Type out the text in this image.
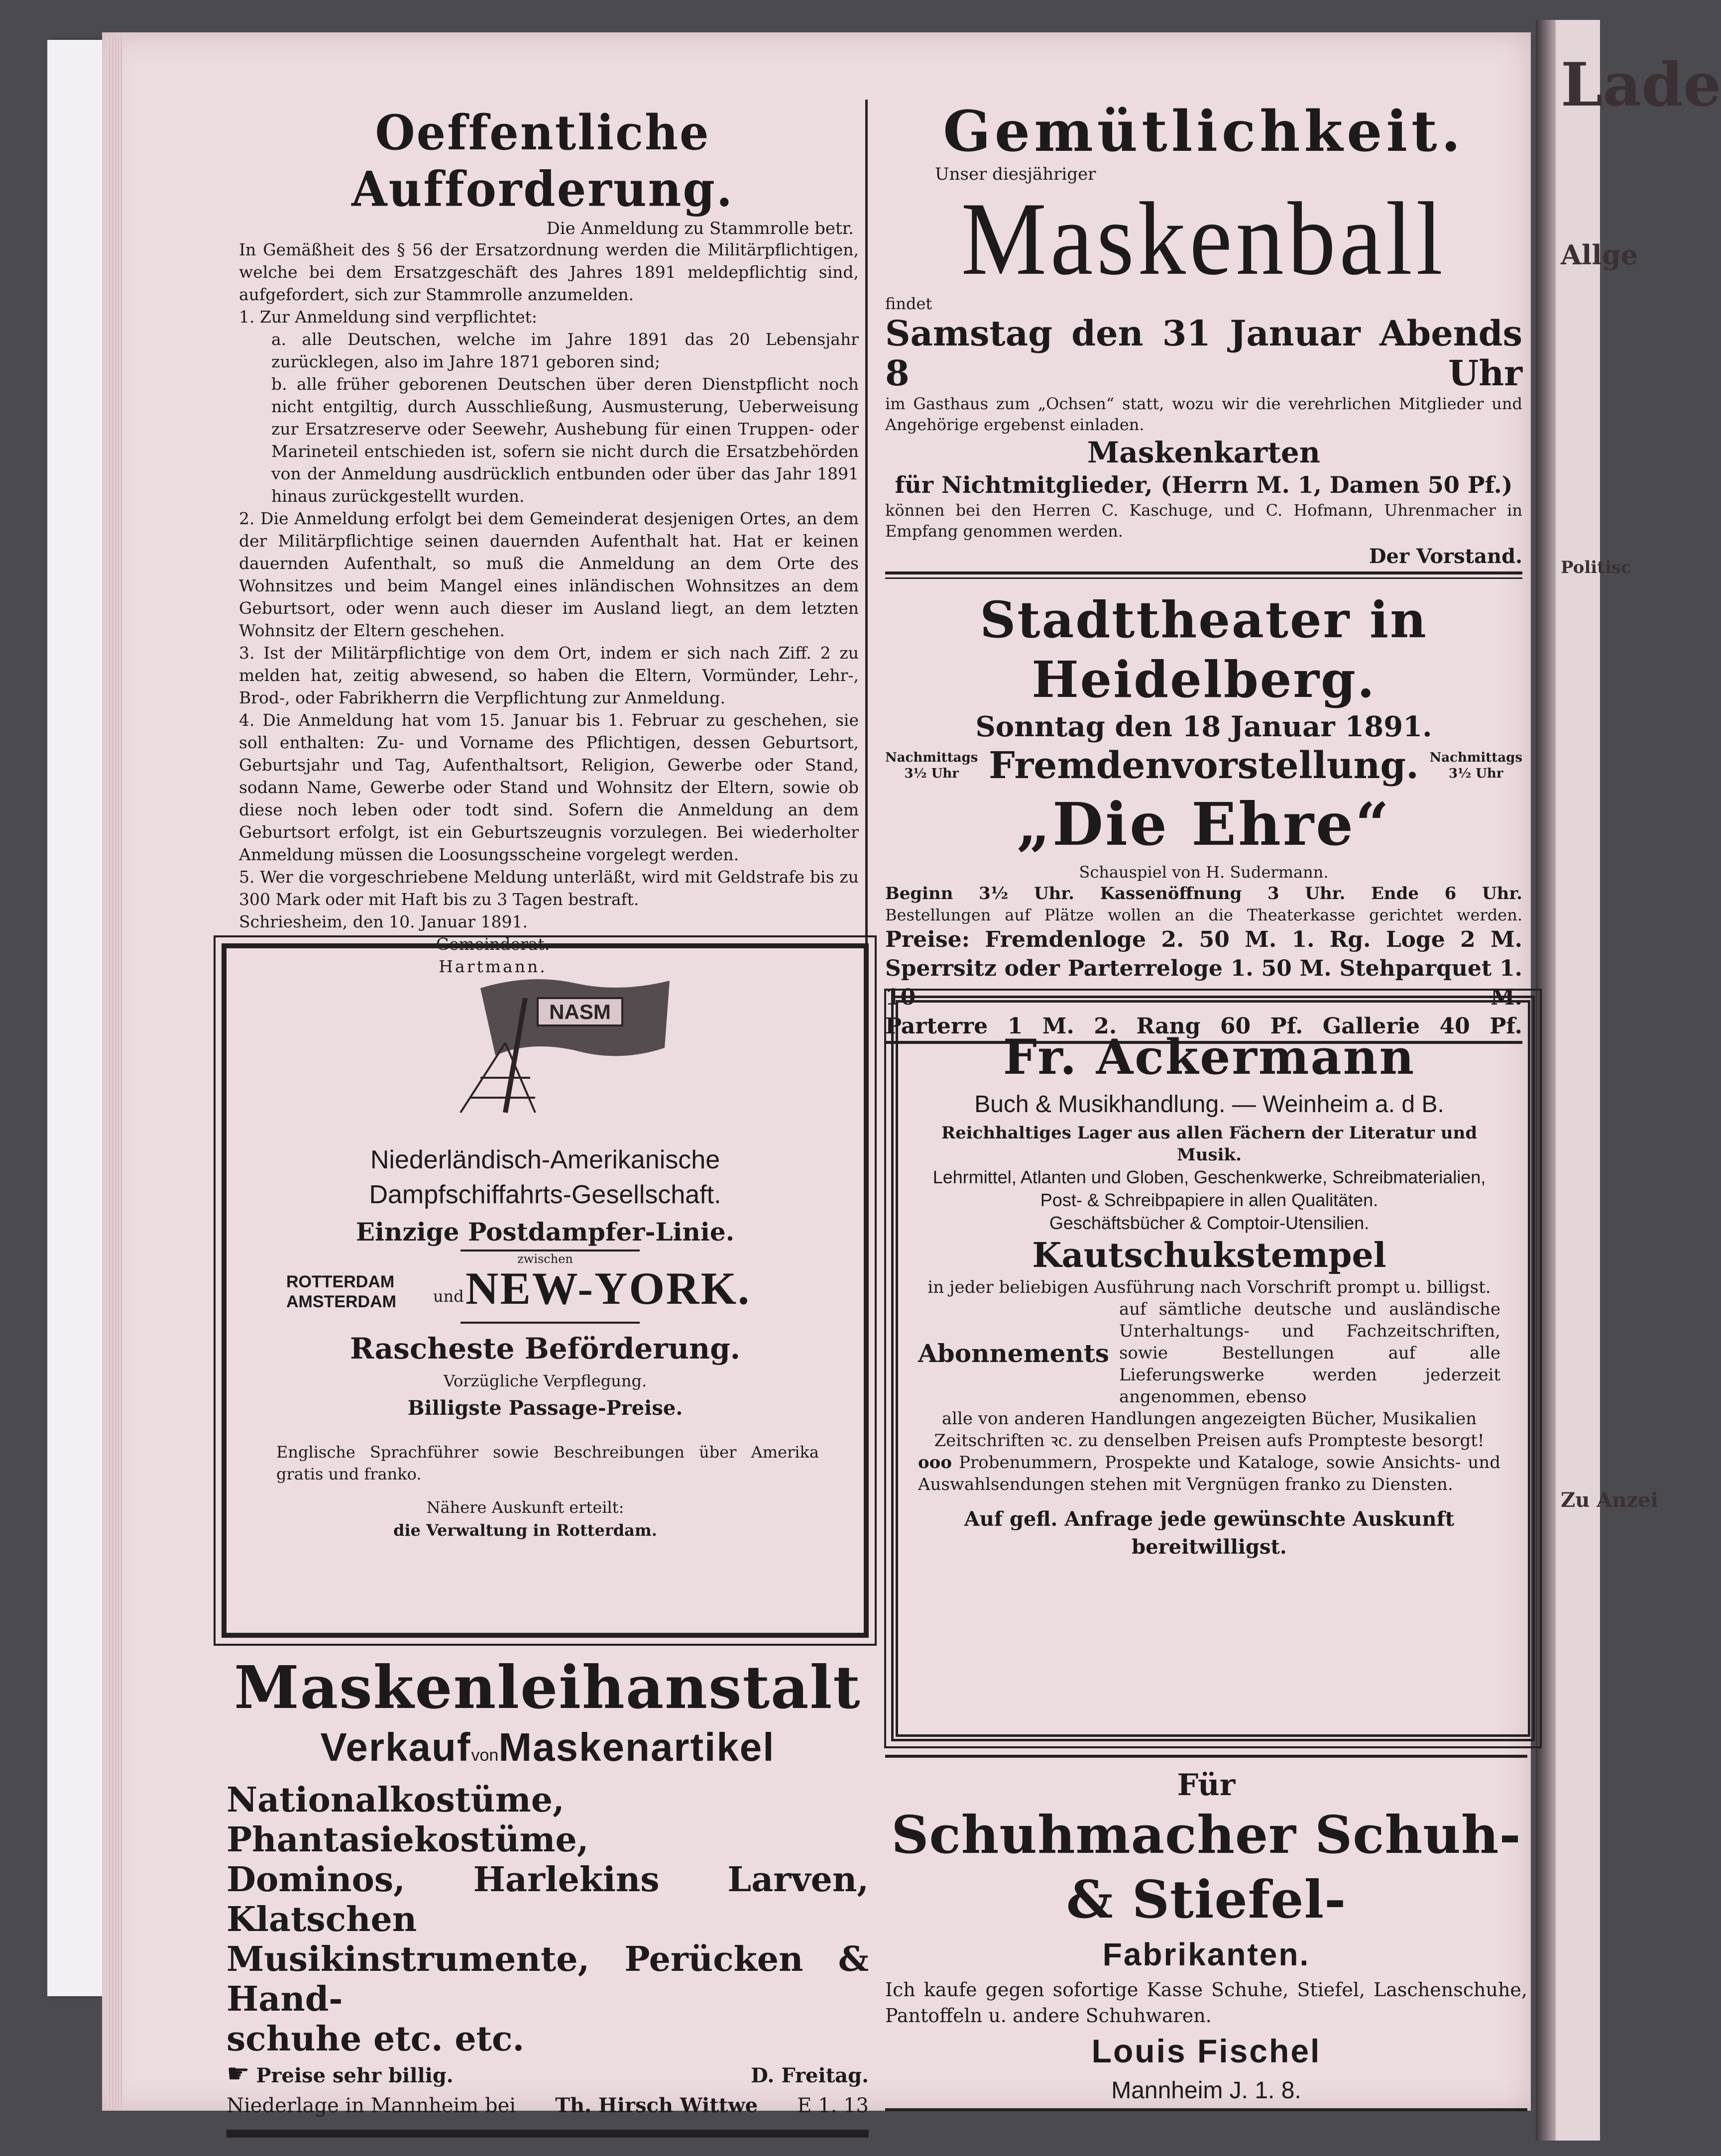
Lade
Allge
Politisc
Zu Anzei
Oeffentliche Aufforderung.
Die Anmeldung zu Stammrolle betr.

In Gemäßheit des § 56 der Ersatzordnung werden die Militärpflichtigen, welche bei dem Ersatzgeschäft des Jahres 1891 meldepflichtig sind, aufgefordert, sich zur Stammrolle anzumelden.

1. Zur Anmeldung sind verpflichtet:

a. alle Deutschen, welche im Jahre 1891 das 20 Lebensjahr zurücklegen, also im Jahre 1871 geboren sind;

b. alle früher geborenen Deutschen über deren Dienstpflicht noch nicht entgiltig, durch Ausschließung, Ausmusterung, Ueberweisung zur Ersatzreserve oder Seewehr, Aushebung für einen Truppen- oder Marineteil entschieden ist, sofern sie nicht durch die Ersatzbehörden von der Anmeldung ausdrücklich entbunden oder über das Jahr 1891 hinaus zurückgestellt wurden.

2. Die Anmeldung erfolgt bei dem Gemeinderat desjenigen Ortes, an dem der Militärpflichtige seinen dauernden Aufenthalt hat. Hat er keinen dauernden Aufenthalt, so muß die Anmeldung an dem Orte des Wohnsitzes und beim Mangel eines inländischen Wohnsitzes an dem Geburtsort, oder wenn auch dieser im Ausland liegt, an dem letzten Wohnsitz der Eltern geschehen.

3. Ist der Militärpflichtige von dem Ort, indem er sich nach Ziff. 2 zu melden hat, zeitig abwesend, so haben die Eltern, Vormünder, Lehr-, Brod-, oder Fabrikherrn die Verpflichtung zur Anmeldung.

4. Die Anmeldung hat vom 15. Januar bis 1. Februar zu geschehen, sie soll enthalten: Zu- und Vorname des Pflichtigen, dessen Geburtsort, Geburtsjahr und Tag, Aufenthaltsort, Religion, Gewerbe oder Stand, sodann Name, Gewerbe oder Stand und Wohnsitz der Eltern, sowie ob diese noch leben oder todt sind. Sofern die Anmeldung an dem Geburtsort erfolgt, ist ein Geburtszeugnis vorzulegen. Bei wiederholter Anmeldung müssen die Loosungsscheine vorgelegt werden.

5. Wer die vorgeschriebene Meldung unterläßt, wird mit Geldstrafe bis zu 300 Mark oder mit Haft bis zu 3 Tagen bestraft.

Schriesheim, den 10. Januar 1891.

Gemeinderat.

Hartmann.

NASM
Niederländisch-Amerikanische
Dampfschiffahrts-Gesellschaft.
Einzige Postdampfer-Linie.
zwischen
ROTTERDAM
AMSTERDAM und NEW-YORK.
Rascheste Beförderung.
Vorzügliche Verpflegung.
Billigste Passage-Preise.
Englische Sprachführer sowie Beschreibungen über Amerika gratis und franko.
Nähere Auskunft erteilt:
die Verwaltung in Rotterdam.
Maskenleihanstalt
VerkaufvonMaskenartikel
Nationalkostüme, Phantasiekostüme,
Dominos, Harlekins Larven, Klatschen
Musikinstrumente, Perücken & Hand-
schuhe etc. etc.
☛ Preise sehr billig.	D. Freitag.
Niederlage in Mannheim bei Th. Hirsch Wittwe E 1. 13
Gemütlichkeit.
Unser diesjähriger
Maskenball
findet
Samstag den 31 Januar Abends 8 Uhr
im Gasthaus zum „Ochsen“ statt, wozu wir die verehrlichen Mitglieder und Angehörige ergebenst einladen.
Maskenkarten
für Nichtmitglieder, (Herrn M. 1, Damen 50 Pf.)
können bei den Herren C. Kaschuge, und C. Hofmann, Uhrenmacher in Empfang genommen werden.
Der Vorstand.
Stadttheater in Heidelberg.
Sonntag den 18 Januar 1891.
Nachmittags
3½ Uhr Fremdenvorstellung. Nachmittags
3½ Uhr
„Die Ehre“
Schauspiel von H. Sudermann.
Beginn 3½ Uhr. Kassenöffnung 3 Uhr. Ende 6 Uhr.
Bestellungen auf Plätze wollen an die Theaterkasse gerichtet werden.
Preise: Fremdenloge 2. 50 M. 1. Rg. Loge 2 M.
Sperrsitz oder Parterreloge 1. 50 M. Stehparquet 1. 10 M.
Parterre 1 M. 2. Rang 60 Pf. Gallerie 40 Pf.
Fr. Ackermann
Buch & Musikhandlung. — Weinheim a. d B.
Reichhaltiges Lager aus allen Fächern der Literatur und Musik.
Lehrmittel, Atlanten und Globen, Geschenkwerke, Schreibmaterialien, Post- & Schreibpapiere in allen Qualitäten.
Geschäftsbücher & Comptoir-Utensilien.
Kautschukstempel
in jeder beliebigen Ausführung nach Vorschrift prompt u. billigst.
Abonnements
auf sämtliche deutsche und ausländische Unterhaltungs- und Fachzeitschriften, sowie Bestellungen auf alle Lieferungswerke werden jederzeit angenommen, ebenso
alle von anderen Handlungen angezeigten Bücher, Musikalien Zeitschriften ꝛc. zu denselben Preisen aufs Prompteste besorgt!
ooo Probenummern, Prospekte und Kataloge, sowie Ansichts- und Auswahlsendungen stehen mit Vergnügen franko zu Diensten.
Auf gefl. Anfrage jede gewünschte Auskunft bereitwilligst.
Für
Schuhmacher Schuh- & Stiefel-
Fabrikanten.
Ich kaufe gegen sofortige Kasse Schuhe, Stiefel, Laschenschuhe, Pantoffeln u. andere Schuhwaren.
Louis Fischel
Mannheim J. 1. 8.
